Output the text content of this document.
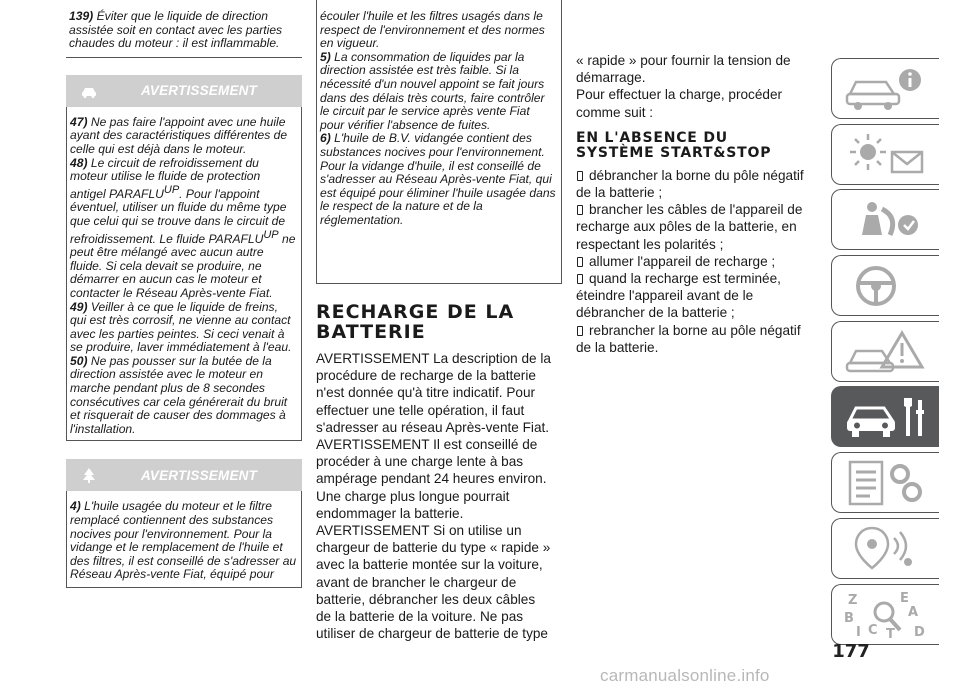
139) Éviter que le liquide de direction assistée soit en contact avec les parties chaudes du moteur : il est inflammable.

AVERTISSEMENT

47) Ne pas faire l'appoint avec une huile ayant des caractéristiques différentes de celle qui est déjà dans le moteur.

48) Le circuit de refroidissement du moteur utilise le fluide de protection antigel PARAFLUUP. Pour l'appoint éventuel, utiliser un fluide du même type que celui qui se trouve dans le circuit de refroidissement. Le fluide PARAFLUUP ne peut être mélangé avec aucun autre fluide. Si cela devait se produire, ne démarrer en aucun cas le moteur et contacter le Réseau Après-vente Fiat.

49) Veiller à ce que le liquide de freins, qui est très corrosif, ne vienne au contact avec les parties peintes. Si ceci venait à se produire, laver immédiatement à l'eau.

50) Ne pas pousser sur la butée de la direction assistée avec le moteur en marche pendant plus de 8 secondes consécutives car cela générerait du bruit et risquerait de causer des dommages à l'installation.

AVERTISSEMENT

4) L'huile usagée du moteur et le filtre remplacé contiennent des substances nocives pour l'environnement. Pour la vidange et le remplacement de l'huile et des filtres, il est conseillé de s'adresser au Réseau Après-vente Fiat, équipé pour

écouler l'huile et les filtres usagés dans le respect de l'environnement et des normes en vigueur.

5) La consommation de liquides par la direction assistée est très faible. Si la nécessité d'un nouvel appoint se fait jours dans des délais très courts, faire contrôler le circuit par le service après vente Fiat pour vérifier l'absence de fuites.

6) L'huile de B.V. vidangée contient des substances nocives pour l'environnement. Pour la vidange d'huile, il est conseillé de s'adresser au Réseau Après-vente Fiat, qui est équipé pour éliminer l'huile usagée dans le respect de la nature et de la réglementation.

RECHARGE DE LA
BATTERIE
AVERTISSEMENT La description de la
procédure de recharge de la batterie
n'est donnée qu'à titre indicatif. Pour
effectuer une telle opération, il faut
s'adresser au réseau Après-vente Fiat.
AVERTISSEMENT Il est conseillé de
procéder à une charge lente à bas
ampérage pendant 24 heures environ.
Une charge plus longue pourrait
endommager la batterie.
AVERTISSEMENT Si on utilise un
chargeur de batterie du type « rapide »
avec la batterie montée sur la voiture,
avant de brancher le chargeur de
batterie, débrancher les deux câbles
de la batterie de la voiture. Ne pas
utiliser de chargeur de batterie de type
« rapide » pour fournir la tension de
démarrage.
Pour effectuer la charge, procéder
comme suit :
EN L'ABSENCE DU
SYSTÈME START&STOP
débrancher la borne du pôle négatif
de la batterie ;
brancher les câbles de l'appareil de
recharge aux pôles de la batterie, en
respectant les polarités ;
allumer l'appareil de recharge ;
quand la recharge est terminée,
éteindre l'appareil avant de le
débrancher de la batterie ;
rebrancher la borne au pôle négatif
de la batterie.
Z	E
B	A
I C T D
177
carmanualsonline.info
